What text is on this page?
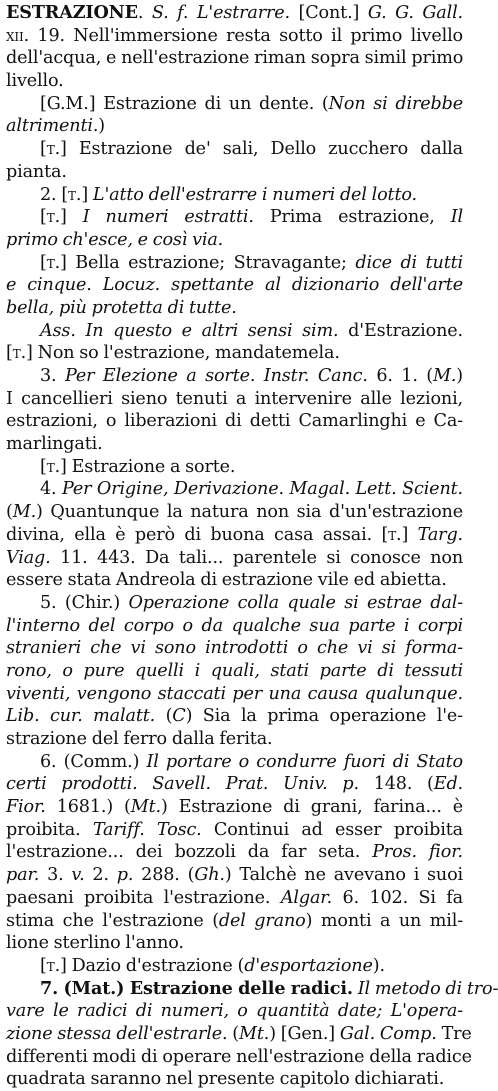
ESTRAZIONE. S. f. L'estrarre. [Cont.] G. G. Gall.
xii. 19. Nell'immersione resta sotto il primo livello
dell'acqua, e nell'estrazione riman sopra simil primo
livello.
[G.M.] Estrazione di un dente. (Non si direbbe
altrimenti.)
[t.] Estrazione de' sali, Dello zucchero dalla
pianta.
2. [t.] L'atto dell'estrarre i numeri del lotto.
[t.] I numeri estratti. Prima estrazione, Il
primo ch'esce, e così via.
[t.] Bella estrazione; Stravagante; dice di tutti
e cinque. Locuz. spettante al dizionario dell'arte
bella, più protetta di tutte.
Ass. In questo e altri sensi sim. d'Estrazione.
[t.] Non so l'estrazione, mandatemela.
3. Per Elezione a sorte. Instr. Canc. 6. 1. (M.)
I cancellieri sieno tenuti a intervenire alle lezioni,
estrazioni, o liberazioni di detti Camarlinghi e Ca-
marlingati.
[t.] Estrazione a sorte.
4. Per Origine, Derivazione. Magal. Lett. Scient.
(M.) Quantunque la natura non sia d'un'estrazione
divina, ella è però di buona casa assai. [t.] Targ.
Viag. 11. 443. Da tali... parentele si conosce non
essere stata Andreola di estrazione vile ed abietta.
5. (Chir.) Operazione colla quale si estrae dal-
l'interno del corpo o da qualche sua parte i corpi
stranieri che vi sono introdotti o che vi si forma-
rono, o pure quelli i quali, stati parte di tessuti
viventi, vengono staccati per una causa qualunque.
Lib. cur. malatt. (C) Sia la prima operazione l'e-
strazione del ferro dalla ferita.
6. (Comm.) Il portare o condurre fuori di Stato
certi prodotti. Savell. Prat. Univ. p. 148. (Ed.
Fior. 1681.) (Mt.) Estrazione di grani, farina... è
proibita. Tariff. Tosc. Continui ad esser proibita
l'estrazione... dei bozzoli da far seta. Pros. fior.
par. 3. v. 2. p. 288. (Gh.) Talchè ne avevano i suoi
paesani proibita l'estrazione. Algar. 6. 102. Si fa
stima che l'estrazione (del grano) monti a un mil-
lione sterlino l'anno.
[t.] Dazio d'estrazione (d'esportazione).
7. (Mat.) Estrazione delle radici. Il metodo di tro-
vare le radici di numeri, o quantità date; L'opera-
zione stessa dell'estrarle. (Mt.) [Gen.] Gal. Comp. Tre
differenti modi di operare nell'estrazione della radice
quadrata saranno nel presente capitolo dichiarati.
